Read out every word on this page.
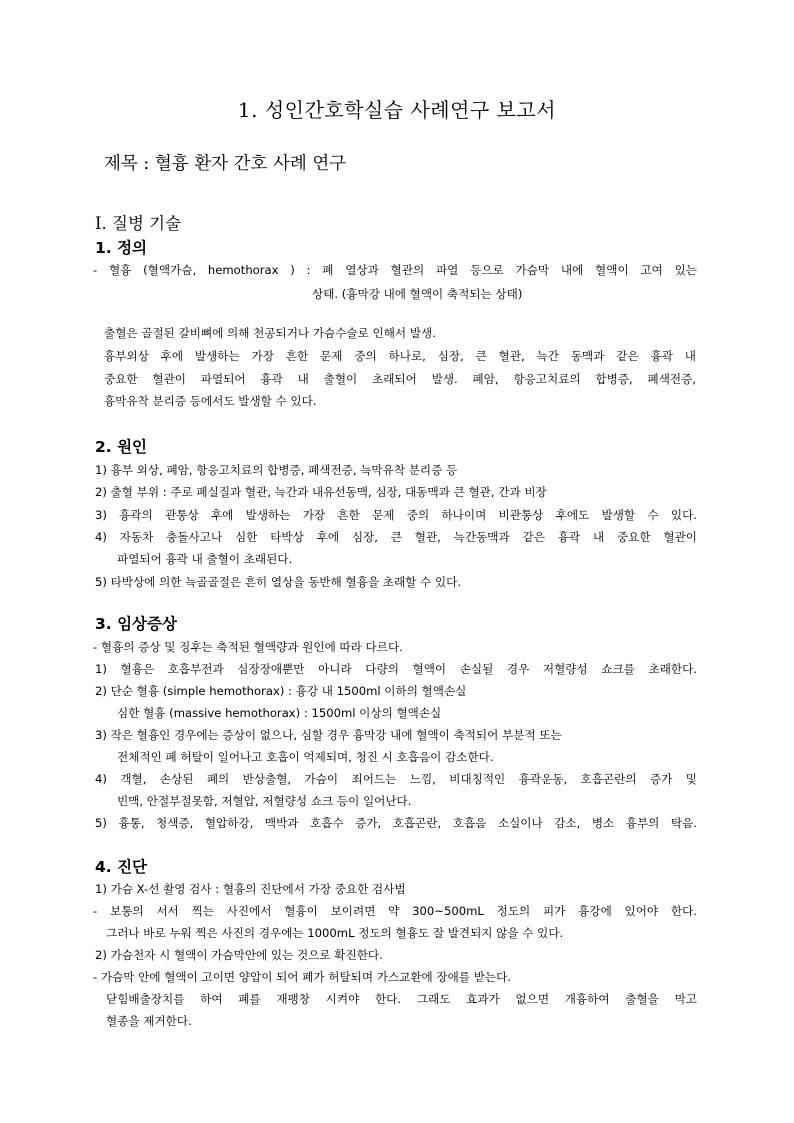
1. 성인간호학실습 사례연구 보고서
제목 : 혈흉 환자 간호 사례 연구
Ⅰ. 질병 기술
1. 정의
- 혈흉 (혈액가슴, hemothorax ) : 폐 열상과 혈관의 파열 등으로 가슴막 내에 혈액이 고여 있는
상태. (흉막강 내에 혈액이 축적되는 상태)
출혈은 골절된 갈비뼈에 의해 천공되거나 가슴수술로 인해서 발생.
흉부외상 후에 발생하는 가장 흔한 문제 중의 하나로, 심장, 큰 혈관, 늑간 동맥과 같은 흉곽 내
중요한 혈관이 파열되어 흉곽 내 출혈이 초래되어 발생. 폐암, 항응고치료의 합병증, 폐색전증,
흉막유착 분리증 등에서도 발생할 수 있다.
2. 원인
1) 흉부 외상, 폐암, 항응고치료의 합병증, 폐색전증, 늑막유착 분리증 등
2) 출혈 부위 : 주로 폐실질과 혈관, 늑간과 내유선동맥, 심장, 대동맥과 큰 혈관, 간과 비장
3) 흉곽의 관통상 후에 발생하는 가장 흔한 문제 중의 하나이며 비관통상 후에도 발생할 수 있다.
4) 자동차 충돌사고나 심한 타박상 후에 심장, 큰 혈관, 늑간동맥과 같은 흉곽 내 중요한 혈관이
파열되어 흉곽 내 출혈이 초래된다.
5) 타박상에 의한 늑골골절은 흔히 열상을 동반해 혈흉을 초래할 수 있다.
3. 임상증상
- 혈흉의 증상 및 징후는 축적된 혈액량과 원인에 따라 다르다.
1) 혈흉은 호흡부전과 심장장애뿐만 아니라 다량의 혈액이 손실될 경우 저혈량성 쇼크를 초래한다.
2) 단순 혈흉 (simple hemothorax) : 흉강 내 1500ml 이하의 혈액손실
심한 혈흉 (massive hemothorax) : 1500ml 이상의 혈액손실
3) 작은 혈흉인 경우에는 증상이 없으나, 심할 경우 흉막강 내에 혈액이 축적되어 부분적 또는
전체적인 폐 허탈이 일어나고 호흡이 억제되며, 청진 시 호흡음이 감소한다.
4) 객혈, 손상된 폐의 반상출혈, 가슴이 죄어드는 느낌, 비대칭적인 흉곽운동, 호흡곤란의 증가 및
빈맥, 안절부절못함, 저혈압, 저혈량성 쇼크 등이 일어난다.
5) 흉통, 청색증, 혈압하강, 맥박과 호흡수 증가, 호흡곤란, 호흡음 소실이나 감소, 병소 흉부의 탁음.
4. 진단
1) 가슴 X-선 촬영 검사 : 혈흉의 진단에서 가장 중요한 검사법
- 보통의 서서 찍는 사진에서 혈흉이 보이려면 약 300~500mL 정도의 피가 흉강에 있어야 한다.
그러나 바로 누워 찍은 사진의 경우에는 1000mL 정도의 혈흉도 잘 발견되지 않을 수 있다.
2) 가슴천자 시 혈액이 가슴막안에 있는 것으로 확진한다.
- 가슴막 안에 혈액이 고이면 양압이 되어 폐가 허탈되며 가스교환에 장애를 받는다.
닫힘배출장치를 하여 폐를 재팽창 시켜야 한다. 그래도 효과가 없으면 개흉하여 출혈을 막고
혈종을 제거한다.
